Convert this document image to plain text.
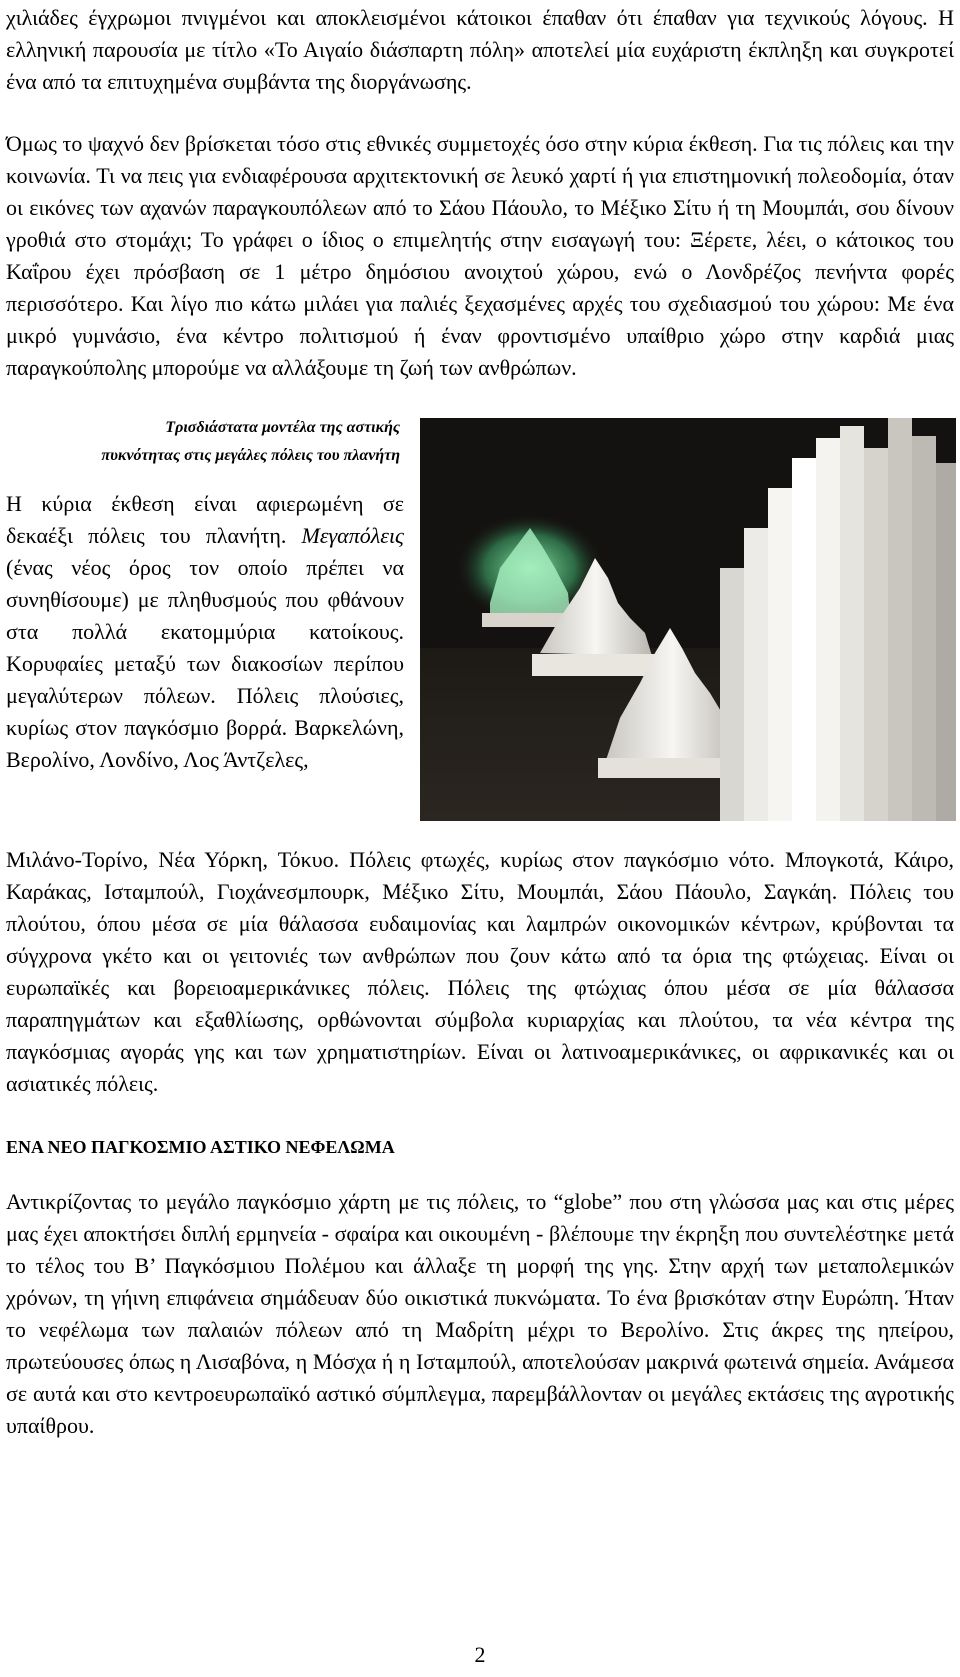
χιλιάδες έγχρωμοι πνιγμένοι και αποκλεισμένοι κάτοικοι έπαθαν ότι έπαθαν για τεχνικούς λόγους. Η ελληνική παρουσία με τίτλο «Το Αιγαίο διάσπαρτη πόλη» αποτελεί μία ευχάριστη έκπληξη και συγκροτεί ένα από τα επιτυχημένα συμβάντα της διοργάνωσης.

Όμως το ψαχνό δεν βρίσκεται τόσο στις εθνικές συμμετοχές όσο στην κύρια έκθεση. Για τις πόλεις και την κοινωνία. Τι να πεις για ενδιαφέρουσα αρχιτεκτονική σε λευκό χαρτί ή για επιστημονική πολεοδομία, όταν οι εικόνες των αχανών παραγκουπόλεων από το Σάου Πάουλο, το Μέξικο Σίτυ ή τη Μουμπάι, σου δίνουν γροθιά στο στομάχι; Το γράφει ο ίδιος ο επιμελητής στην εισαγωγή του: Ξέρετε, λέει, ο κάτοικος του Καΐρου έχει πρόσβαση σε 1 μέτρο δημόσιου ανοιχτού χώρου, ενώ ο Λονδρέζος πενήντα φορές περισσότερο. Και λίγο πιο κάτω μιλάει για παλιές ξεχασμένες αρχές του σχεδιασμού του χώρου: Με ένα μικρό γυμνάσιο, ένα κέντρο πολιτισμού ή έναν φροντισμένο υπαίθριο χώρο στην καρδιά μιας παραγκούπολης μπορούμε να αλλάξουμε τη ζωή των ανθρώπων.

Τρισδιάστατα μοντέλα της αστικής
πυκνότητας στις μεγάλες πόλεις του πλανήτη

Η κύρια έκθεση είναι αφιερωμένη σε δεκαέξι πόλεις του πλανήτη. Μεγαπόλεις (ένας νέος όρος τον οποίο πρέπει να συνηθίσουμε) με πληθυσμούς που φθάνουν στα πολλά εκατομμύρια κατοίκους. Κορυφαίες μεταξύ των διακοσίων περίπου μεγαλύτερων πόλεων. Πόλεις πλούσιες, κυρίως στον παγκόσμιο βορρά. Βαρκελώνη, Βερολίνο, Λονδίνο, Λος Άντζελες,

Μιλάνο-Τορίνο, Νέα Υόρκη, Τόκυο. Πόλεις φτωχές, κυρίως στον παγκόσμιο νότο. Μπογκοτά, Κάιρο, Καράκας, Ισταμπούλ, Γιοχάνεσμπουρκ, Μέξικο Σίτυ, Μουμπάι, Σάου Πάουλο, Σαγκάη. Πόλεις του πλούτου, όπου μέσα σε μία θάλασσα ευδαιμονίας και λαμπρών οικονομικών κέντρων, κρύβονται τα σύγχρονα γκέτο και οι γειτονιές των ανθρώπων που ζουν κάτω από τα όρια της φτώχειας. Είναι οι ευρωπαϊκές και βορειοαμερικάνικες πόλεις. Πόλεις της φτώχιας όπου μέσα σε μία θάλασσα παραπηγμάτων και εξαθλίωσης, ορθώνονται σύμβολα κυριαρχίας και πλούτου, τα νέα κέντρα της παγκόσμιας αγοράς γης και των χρηματιστηρίων. Είναι οι λατινοαμερικάνικες, οι αφρικανικές και οι ασιατικές πόλεις.

ΕΝΑ ΝΕΟ ΠΑΓΚΟΣΜΙΟ ΑΣΤΙΚΟ ΝΕΦΕΛΩΜΑ

Αντικρίζοντας το μεγάλο παγκόσμιο χάρτη με τις πόλεις, το “globe” που στη γλώσσα μας και στις μέρες μας έχει αποκτήσει διπλή ερμηνεία - σφαίρα και οικουμένη - βλέπουμε την έκρηξη που συντελέστηκε μετά το τέλος του Β’ Παγκόσμιου Πολέμου και άλλαξε τη μορφή της γης. Στην αρχή των μεταπολεμικών χρόνων, τη γήινη επιφάνεια σημάδευαν δύο οικιστικά πυκνώματα. Το ένα βρισκόταν στην Ευρώπη. Ήταν το νεφέλωμα των παλαιών πόλεων από τη Μαδρίτη μέχρι το Βερολίνο. Στις άκρες της ηπείρου, πρωτεύουσες όπως η Λισαβόνα, η Μόσχα ή η Ισταμπούλ, αποτελούσαν μακρινά φωτεινά σημεία. Ανάμεσα σε αυτά και στο κεντροευρωπαϊκό αστικό σύμπλεγμα, παρεμβάλλονταν οι μεγάλες εκτάσεις της αγροτικής υπαίθρου.

2
